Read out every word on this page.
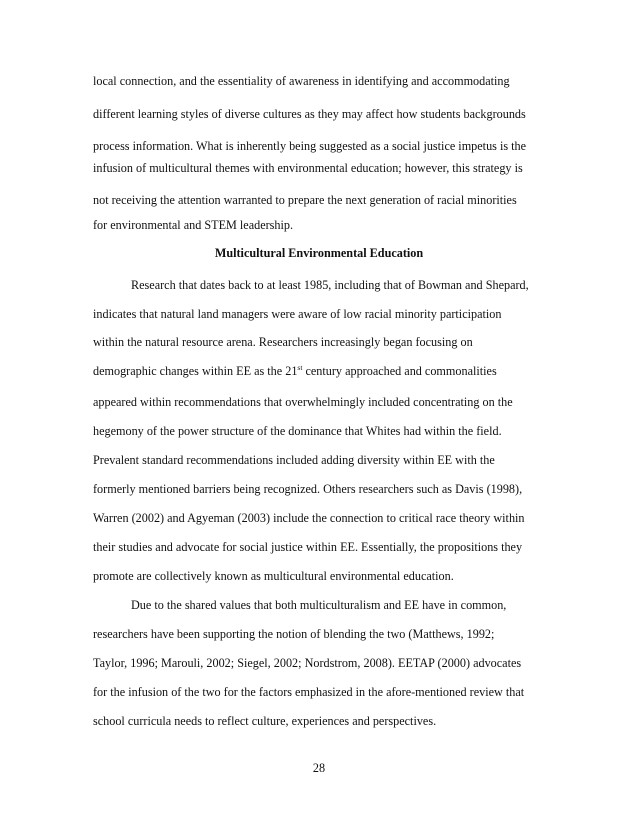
local connection, and the essentiality of awareness in identifying and accommodating

different learning styles of diverse cultures as they may affect how students backgrounds

process information. What is inherently being suggested as a social justice impetus is the

infusion of multicultural themes with environmental education; however, this strategy is

not receiving the attention warranted to prepare the next generation of racial minorities

for environmental and STEM leadership.

Multicultural Environmental Education

Research that dates back to at least 1985, including that of Bowman and Shepard,

indicates that natural land managers were aware of low racial minority participation

within the natural resource arena. Researchers increasingly began focusing on

demographic changes within EE as the 21st century approached and commonalities

appeared within recommendations that overwhelmingly included concentrating on the

hegemony of the power structure of the dominance that Whites had within the field.

Prevalent standard recommendations included adding diversity within EE with the

formerly mentioned barriers being recognized. Others researchers such as Davis (1998),

Warren (2002) and Agyeman (2003) include the connection to critical race theory within

their studies and advocate for social justice within EE. Essentially, the propositions they

promote are collectively known as multicultural environmental education.

Due to the shared values that both multiculturalism and EE have in common,

researchers have been supporting the notion of blending the two (Matthews, 1992;

Taylor, 1996; Marouli, 2002; Siegel, 2002; Nordstrom, 2008). EETAP (2000) advocates

for the infusion of the two for the factors emphasized in the afore-mentioned review that

school curricula needs to reflect culture, experiences and perspectives.

28
